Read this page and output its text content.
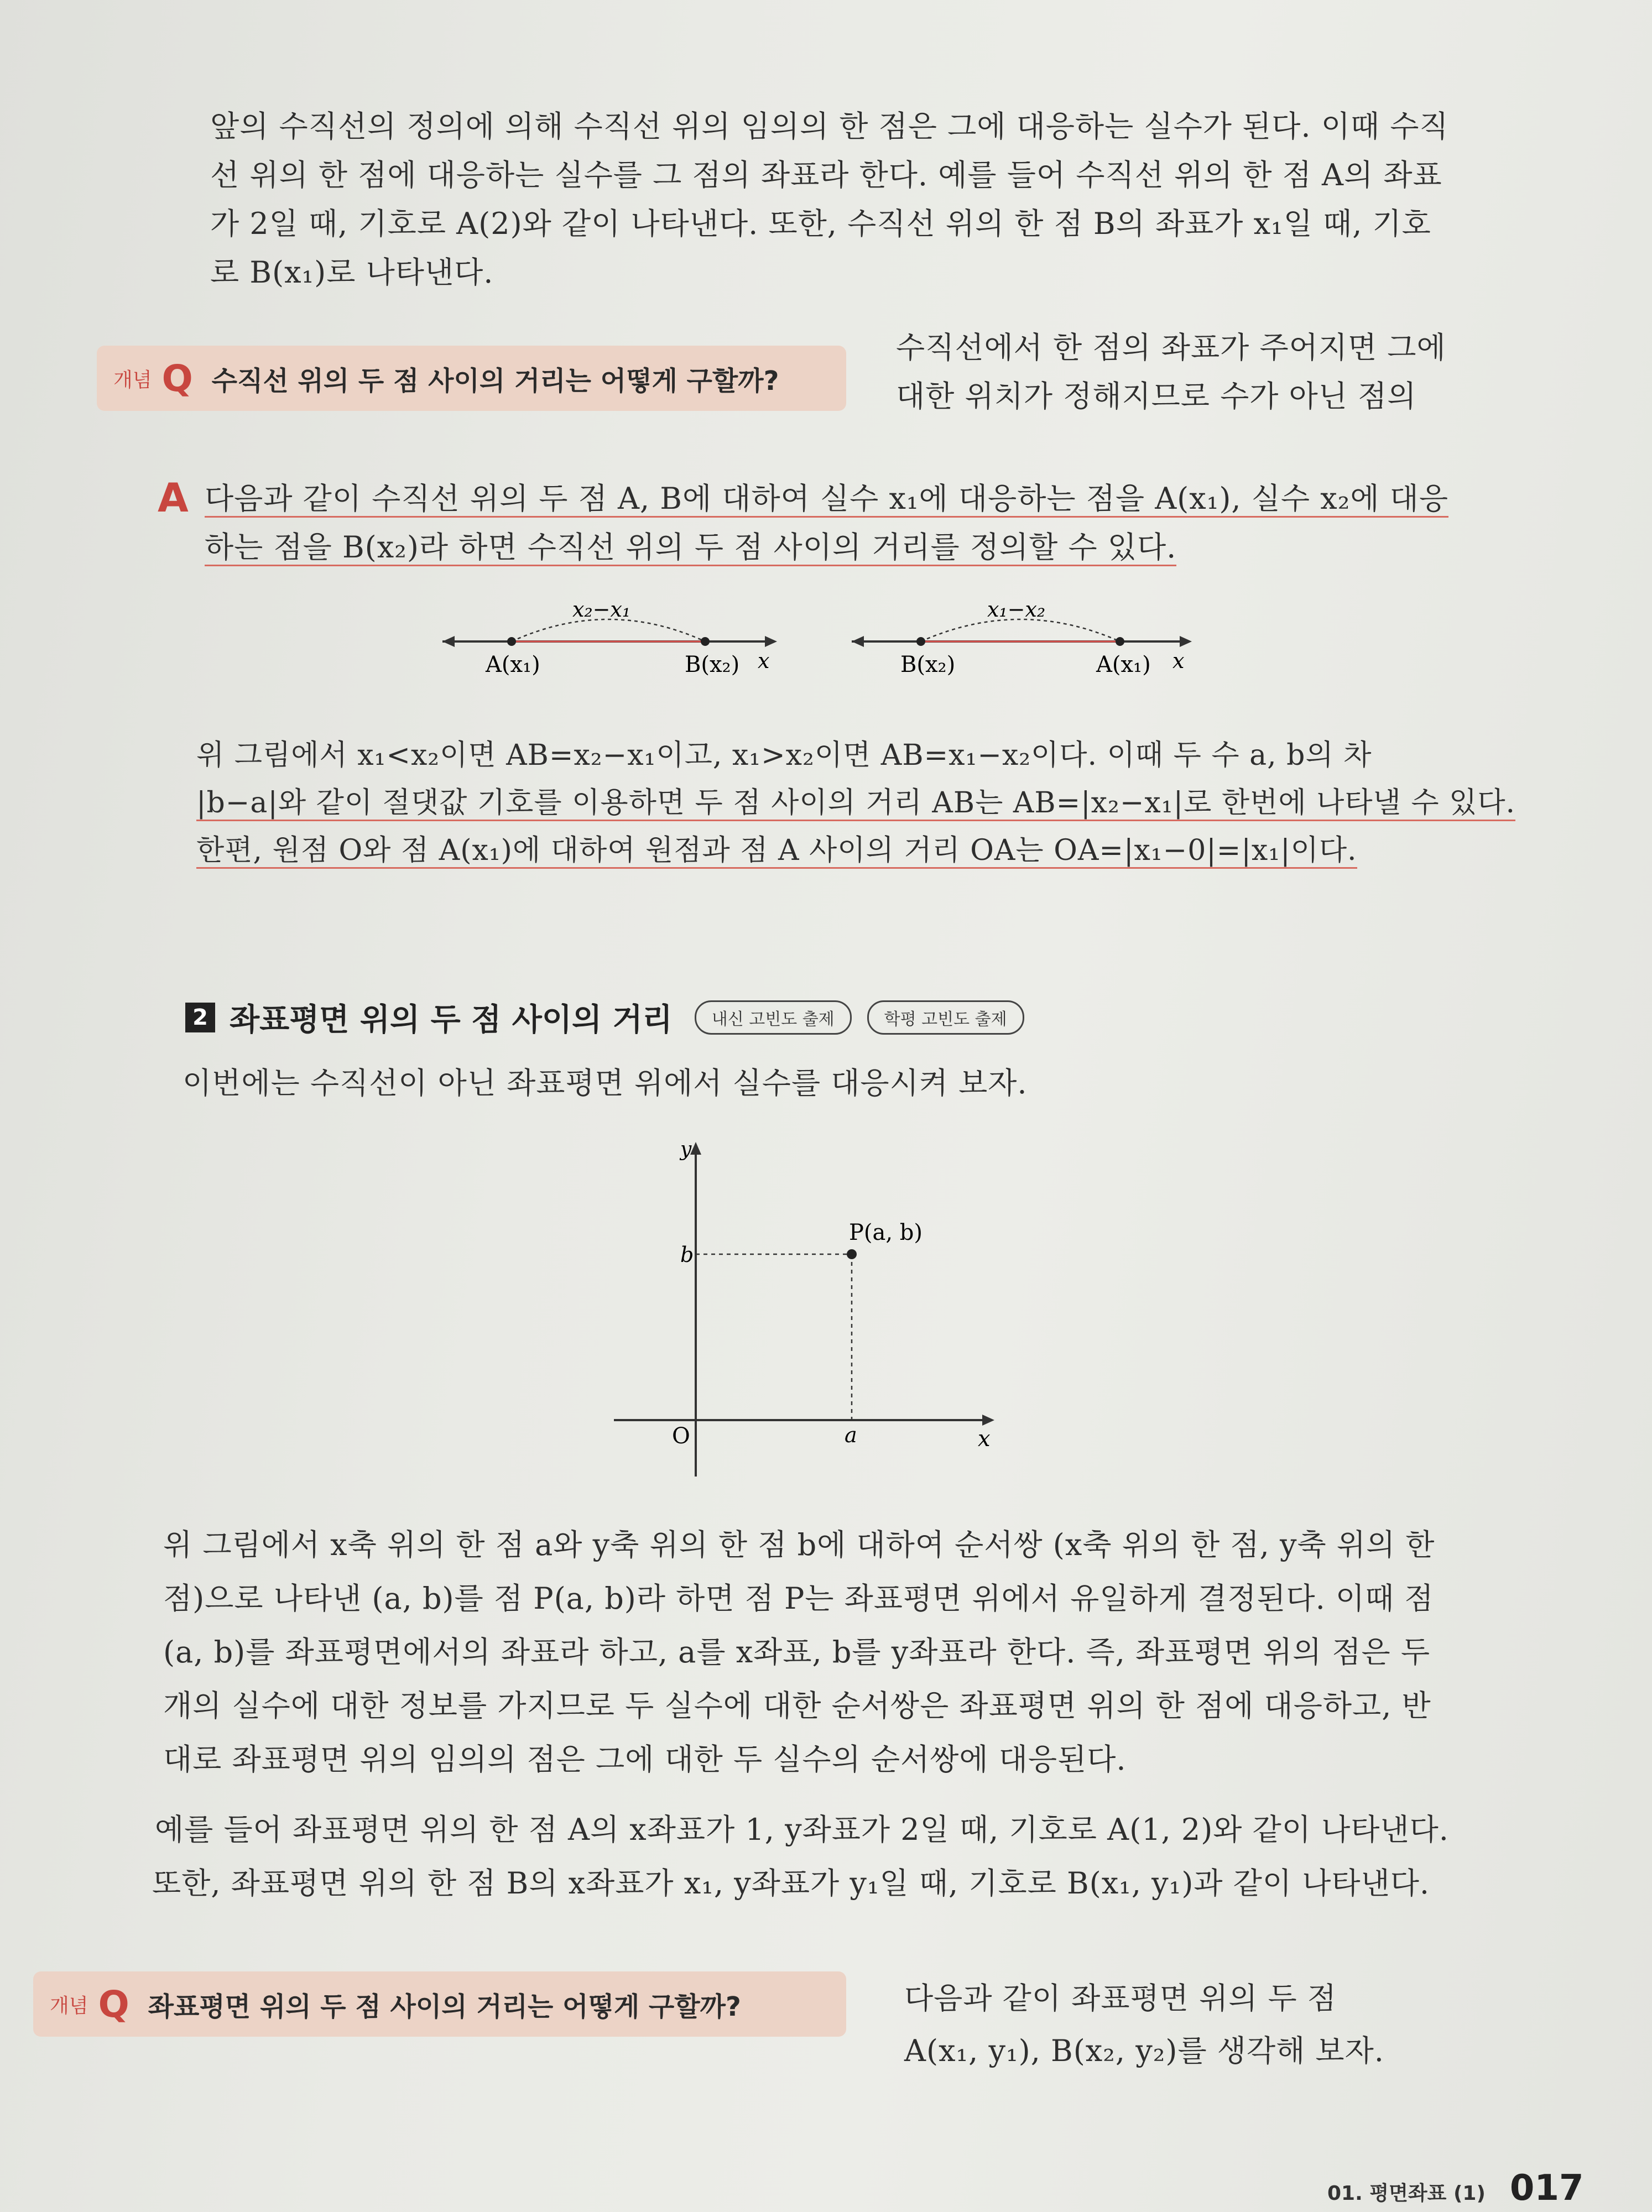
앞의 수직선의 정의에 의해 수직선 위의 임의의 한 점은 그에 대응하는 실수가 된다. 이때 수직선 위의 한 점에 대응하는 실수를 그 점의 좌표라 한다. 예를 들어 수직선 위의 한 점 A의 좌표가 2일 때, 기호로 A(2)와 같이 나타낸다. 또한, 수직선 위의 한 점 B의 좌표가 x₁일 때, 기호로 B(x₁)로 나타낸다.
개념 Q 수직선 위의 두 점 사이의 거리는 어떻게 구할까?
수직선에서 한 점의 좌표가 주어지면 그에 대한 위치가 정해지므로 수가 아닌 점의
A 다음과 같이 수직선 위의 두 점 A, B에 대하여 실수 x₁에 대응하는 점을 A(x₁), 실수 x₂에 대응하는 점을 B(x₂)라 하면 수직선 위의 두 점 사이의 거리를 정의할 수 있다.
x₂−x₁
A(x₁)	B(x₂) x
x₁−x₂
B(x₂)	A(x₁) x
위 그림에서 x₁<x₂이면 AB=x₂−x₁이고, x₁>x₂이면 AB=x₁−x₂이다. 이때 두 수 a, b의 차
|b−a|와 같이 절댓값 기호를 이용하면 두 점 사이의 거리 AB는 AB=|x₂−x₁|로 한번에 나타낼 수 있다.
한편, 원점 O와 점 A(x₁)에 대하여 원점과 점 A 사이의 거리 OA는 OA=|x₁−0|=|x₁|이다.
2 좌표평면 위의 두 점 사이의 거리	내신 고빈도 출제	학평 고빈도 출제
이번에는 수직선이 아닌 좌표평면 위에서 실수를 대응시켜 보자.
y
x
O
b
a
P(a, b)
위 그림에서 x축 위의 한 점 a와 y축 위의 한 점 b에 대하여 순서쌍 (x축 위의 한 점, y축 위의 한 점)으로 나타낸 (a, b)를 점 P(a, b)라 하면 점 P는 좌표평면 위에서 유일하게 결정된다. 이때 점 (a, b)를 좌표평면에서의 좌표라 하고, a를 x좌표, b를 y좌표라 한다. 즉, 좌표평면 위의 점은 두 개의 실수에 대한 정보를 가지므로 두 실수에 대한 순서쌍은 좌표평면 위의 한 점에 대응하고, 반대로 좌표평면 위의 임의의 점은 그에 대한 두 실수의 순서쌍에 대응된다.
예를 들어 좌표평면 위의 한 점 A의 x좌표가 1, y좌표가 2일 때, 기호로 A(1, 2)와 같이 나타낸다.
또한, 좌표평면 위의 한 점 B의 x좌표가 x₁, y좌표가 y₁일 때, 기호로 B(x₁, y₁)과 같이 나타낸다.
개념 Q 좌표평면 위의 두 점 사이의 거리는 어떻게 구할까?	다음과 같이 좌표평면 위의 두 점
A(x₁, y₁), B(x₂, y₂)를 생각해 보자.
01. 평면좌표 (1) 017
